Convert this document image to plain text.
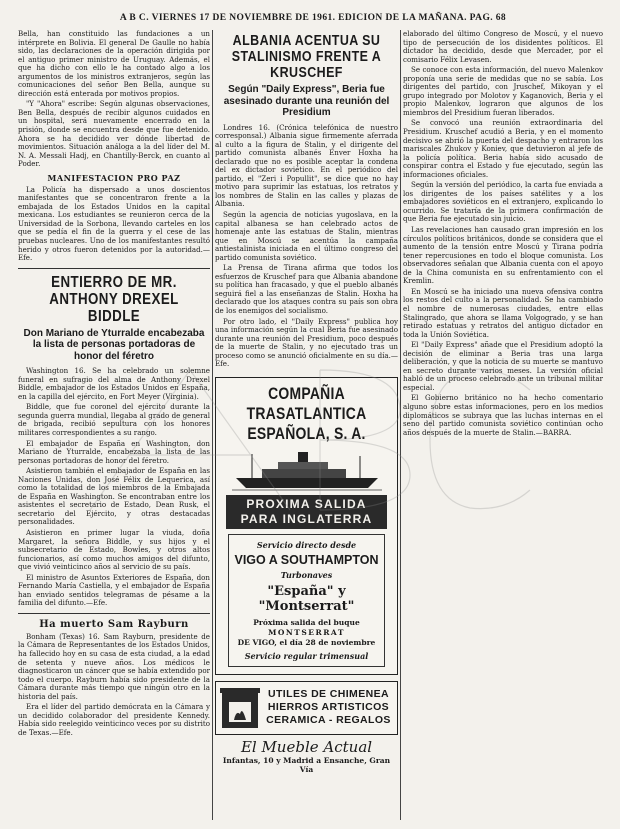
A B C. VIERNES 17 DE NOVIEMBRE DE 1961. EDICION DE LA MAÑANA. PAG. 68

Bella, han constituido las fundaciones a un intérprete en Bolivia. El general De Gaulle no había sido, las declaraciones de la operación dirigida por el antiguo primer ministro de Uruguay. Además, el que ha dicho con ello le ha contado algo a los argumentos de los ministros extranjeros, según las comunicaciones del señor Ben Bella, aunque su dirección está enterada por motivos propios.

"Y "Ahora" escribe: Según algunas observaciones, Ben Bella, después de recibir algunos cuidados en un hospital, será nuevamente encerrado en la prisión, donde se encuentra desde que fue detenido. Ahora se ha decidido ver dónde libertad de movimientos. Situación análoga a la del líder del M. N. A. Messali Hadj, en Chantilly-Berck, en cuanto al Poder.

MANIFESTACION PRO PAZ

La Policía ha dispersado a unos doscientos manifestantes que se concentraron frente a la embajada de los Estados Unidos en la capital mexicana. Los estudiantes se reunieron cerca de la Universidad de la Sorbona, llevando carteles en los que se pedía el fin de la guerra y el cese de las pruebas nucleares. Uno de los manifestantes resultó herido y otros fueron detenidos por la autoridad.—Efe.

ENTIERRO DE MR. ANTHONY DREXEL BIDDLE
Don Mariano de Yturralde encabezaba la lista de personas portadoras de honor del féretro

Washington 16. Se ha celebrado un solemne funeral en sufragio del alma de Anthony Drexel Biddle, embajador de los Estados Unidos en España, en la capilla del ejército, en Fort Meyer (Virginia).

Biddle, que fue coronel del ejército durante la segunda guerra mundial, llegaba al grado de general de brigada, recibió sepultura con los honores militares correspondientes a su rango.

El embajador de España en Washington, don Mariano de Yturralde, encabezaba la lista de las personas portadoras de honor del féretro.

Asistieron también el embajador de España en las Naciones Unidas, don José Félix de Lequerica, así como la totalidad de los miembros de la Embajada de España en Washington. Se encontraban entre los asistentes el secretario de Estado, Dean Rusk, el secretario del Ejército, y otras destacadas personalidades.

Asistieron en primer lugar la viuda, doña Margaret, la señora Biddle, y sus hijos y el subsecretario de Estado, Bowles, y otros altos funcionarios, así como muchos amigos del difunto, que vivió veinticinco años al servicio de su país.

El ministro de Asuntos Exteriores de España, don Fernando María Castiella, y el embajador de España han enviado sentidos telegramas de pésame a la familia del difunto.—Efe.

Ha muerto Sam Rayburn

Bonham (Texas) 16. Sam Rayburn, presidente de la Cámara de Representantes de los Estados Unidos, ha fallecido hoy en su casa de esta ciudad, a la edad de setenta y nueve años. Los médicos le diagnosticaron un cáncer que se había extendido por todo el cuerpo. Rayburn había sido presidente de la Cámara durante más tiempo que ningún otro en la historia del país.

Era el líder del partido demócrata en la Cámara y un decidido colaborador del presidente Kennedy. Había sido reelegido veinticinco veces por su distrito de Texas.—Efe.

ALBANIA ACENTUA SU STALINISMO FRENTE A KRUSCHEF
Según "Daily Express", Beria fue asesinado durante una reunión del Presidium

Londres 16. (Crónica telefónica de nuestro corresponsal.) Albania sigue firmemente aferrada al culto a la figura de Stalin, y el dirigente del partido comunista albanés Enver Hoxha ha declarado que no es posible aceptar la condena del ex dictador soviético. En el periódico del partido, el "Zeri i Popullit", se dice que no hay motivo para suprimir las estatuas, los retratos y los nombres de Stalin en las calles y plazas de Albania.

Según la agencia de noticias yugoslava, en la capital albanesa se han celebrado actos de homenaje ante las estatuas de Stalin, mientras que en Moscú se acentúa la campaña antiestalinista iniciada en el último congreso del partido comunista soviético.

La Prensa de Tirana afirma que todos los esfuerzos de Kruschef para que Albania abandone su política han fracasado, y que el pueblo albanés seguirá fiel a las enseñanzas de Stalin. Hoxha ha declarado que los ataques contra su país son obra de los enemigos del socialismo.

Por otro lado, el "Daily Express" publica hoy una información según la cual Beria fue asesinado durante una reunión del Presidium, poco después de la muerte de Stalin, y no ejecutado tras un proceso como se anunció oficialmente en su día.—Efe.

COMPAÑIA TRASATLANTICA ESPAÑOLA, S. A.
PROXIMA SALIDA PARA INGLATERRA
Servicio directo desde
VIGO A SOUTHAMPTON
Turbonaves
"España" y "Montserrat"
Próxima salida del buque
MONTSERRAT
DE VIGO, el día 28 de noviembre
Servicio regular trimensual
UTILES DE CHIMENEA
HIERROS ARTISTICOS
CERAMICA - REGALOS
El Mueble Actual
Infantas, 10 y Madrid a Ensanche, Gran Vía

elaborado del último Congreso de Moscú, y el nuevo tipo de persecución de los disidentes políticos. El dictador ha decidido, desde que Mercader, por el comisario Félix Levasen.

Se conoce con esta información, del nuevo Malenkov proponía una serie de medidas que no se sabía. Los dirigentes del partido, con Jruschef, Mikoyan y el grupo integrado por Molotov y Kaganovich, Beria y el propio Malenkov, lograron que algunos de los miembros del Presidium fueran liberados.

Se convocó una reunión extraordinaria del Presidium. Kruschef acudió a Beria, y en el momento decisivo se abrió la puerta del despacho y entraron los mariscales Zhukov y Koniev, que detuvieron al jefe de la policía política. Beria había sido acusado de conspirar contra el Estado y fue ejecutado, según las informaciones oficiales.

Según la versión del periódico, la carta fue enviada a los dirigentes de los países satélites y a los embajadores soviéticos en el extranjero, explicando lo ocurrido. Se trataría de la primera confirmación de que Beria fue ejecutado sin juicio.

Las revelaciones han causado gran impresión en los círculos políticos británicos, donde se considera que el aumento de la tensión entre Moscú y Tirana podría tener repercusiones en todo el bloque comunista. Los observadores señalan que Albania cuenta con el apoyo de la China comunista en su enfrentamiento con el Kremlin.

En Moscú se ha iniciado una nueva ofensiva contra los restos del culto a la personalidad. Se ha cambiado el nombre de numerosas ciudades, entre ellas Stalingrado, que ahora se llama Volgogrado, y se han retirado estatuas y retratos del antiguo dictador en toda la Unión Soviética.

El "Daily Express" añade que el Presidium adoptó la decisión de eliminar a Beria tras una larga deliberación, y que la noticia de su muerte se mantuvo en secreto durante varios meses. La versión oficial habló de un proceso celebrado ante un tribunal militar especial.

El Gobierno británico no ha hecho comentario alguno sobre estas informaciones, pero en los medios diplomáticos se subraya que las luchas internas en el seno del partido comunista soviético continúan ocho años después de la muerte de Stalin.—BARRA.
